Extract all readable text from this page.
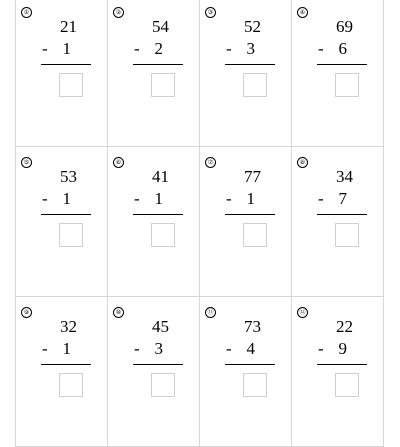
①
21
- 1
②
54
- 2
③
52
- 3
④
69
- 6
⑤
53
- 1
⑥
41
- 1
⑦
77
- 1
⑧
34
- 7
⑨
32
- 1
⑩
45
- 3
⑪
73
- 4
⑫
22
- 9
